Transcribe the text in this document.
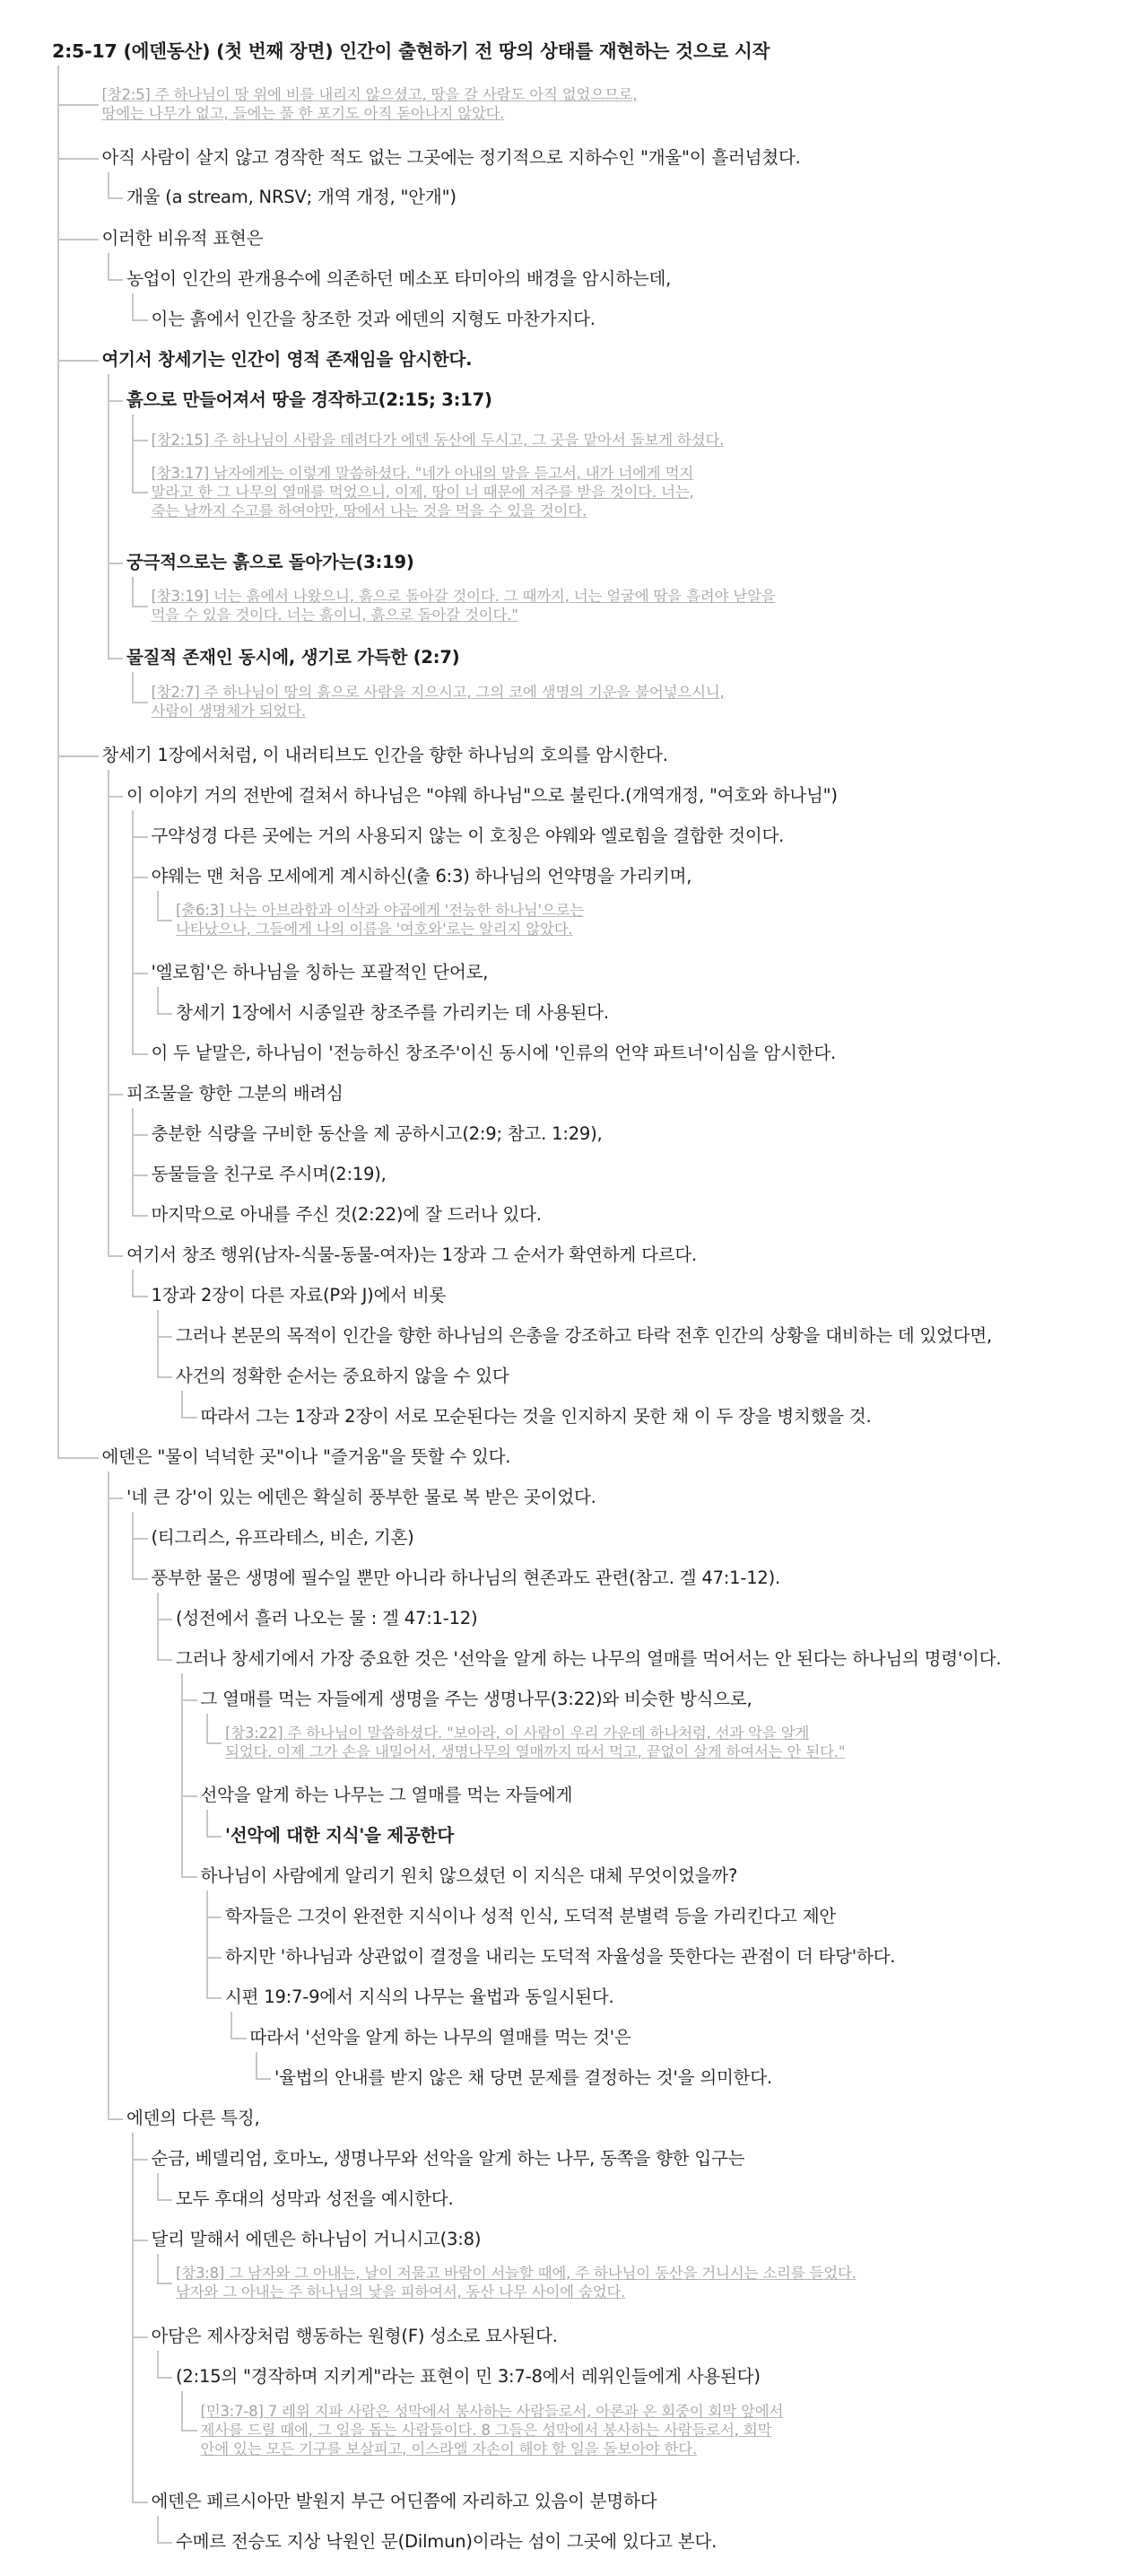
2:5-17 (에덴동산) (첫 번째 장면) 인간이 출현하기 전 땅의 상태를 재현하는 것으로 시작
[창2:5] 주 하나님이 땅 위에 비를 내리지 않으셨고, 땅을 갈 사람도 아직 없었으므로,
땅에는 나무가 없고, 들에는 풀 한 포기도 아직 돋아나지 않았다.
아직 사람이 살지 않고 경작한 적도 없는 그곳에는 정기적으로 지하수인 "개울"이 흘러넘쳤다.
개울 (a stream, NRSV; 개역 개정, "안개")
이러한 비유적 표현은
농업이 인간의 관개용수에 의존하던 메소포 타미아의 배경을 암시하는데,
이는 흙에서 인간을 창조한 것과 에덴의 지형도 마찬가지다.
여기서 창세기는 인간이 영적 존재임을 암시한다.
흙으로 만들어져서 땅을 경작하고(2:15; 3:17)
[창2:15] 주 하나님이 사람을 데려다가 에덴 동산에 두시고, 그 곳을 맡아서 돌보게 하셨다.
[창3:17] 남자에게는 이렇게 말씀하셨다. "네가 아내의 말을 듣고서, 내가 너에게 먹지
말라고 한 그 나무의 열매를 먹었으니, 이제, 땅이 너 때문에 저주를 받을 것이다. 너는,
죽는 날까지 수고를 하여야만, 땅에서 나는 것을 먹을 수 있을 것이다.
궁극적으로는 흙으로 돌아가는(3:19)
[창3:19] 너는 흙에서 나왔으니, 흙으로 돌아갈 것이다. 그 때까지, 너는 얼굴에 땀을 흘려야 낟알을
먹을 수 있을 것이다. 너는 흙이니, 흙으로 돌아갈 것이다."
물질적 존재인 동시에, 생기로 가득한 (2:7)
[창2:7] 주 하나님이 땅의 흙으로 사람을 지으시고, 그의 코에 생명의 기운을 불어넣으시니,
사람이 생명체가 되었다.
창세기 1장에서처럼, 이 내러티브도 인간을 향한 하나님의 호의를 암시한다.
이 이야기 거의 전반에 걸쳐서 하나님은 "야웨 하나님"으로 불린다.(개역개정, "여호와 하나님")
구약성경 다른 곳에는 거의 사용되지 않는 이 호칭은 야웨와 엘로힘을 결합한 것이다.
야웨는 맨 처음 모세에게 계시하신(출 6:3) 하나님의 언약명을 가리키며,
[출6:3] 나는 아브라함과 이삭과 야곱에게 '전능한 하나님'으로는
나타났으나, 그들에게 나의 이름을 '여호와'로는 알리지 않았다.
'엘로힘'은 하나님을 칭하는 포괄적인 단어로,
창세기 1장에서 시종일관 창조주를 가리키는 데 사용된다.
이 두 낱말은, 하나님이 '전능하신 창조주'이신 동시에 '인류의 언약 파트너'이심을 암시한다.
피조물을 향한 그분의 배려심
충분한 식량을 구비한 동산을 제 공하시고(2:9; 참고. 1:29),
동물들을 친구로 주시며(2:19),
마지막으로 아내를 주신 것(2:22)에 잘 드러나 있다.
여기서 창조 행위(남자-식물-동물-여자)는 1장과 그 순서가 확연하게 다르다.
1장과 2장이 다른 자료(P와 J)에서 비롯
그러나 본문의 목적이 인간을 향한 하나님의 은총을 강조하고 타락 전후 인간의 상황을 대비하는 데 있었다면,
사건의 정확한 순서는 중요하지 않을 수 있다
따라서 그는 1장과 2장이 서로 모순된다는 것을 인지하지 못한 채 이 두 장을 병치했을 것.
에덴은 "물이 넉넉한 곳"이나 "즐거움"을 뜻할 수 있다.
'네 큰 강'이 있는 에덴은 확실히 풍부한 물로 복 받은 곳이었다.
(티그리스, 유프라테스, 비손, 기혼)
풍부한 물은 생명에 필수일 뿐만 아니라 하나님의 현존과도 관련(참고. 겔 47:1-12).
(성전에서 흘러 나오는 물 : 겔 47:1-12)
그러나 창세기에서 가장 중요한 것은 '선악을 알게 하는 나무의 열매를 먹어서는 안 된다는 하나님의 명령'이다.
그 열매를 먹는 자들에게 생명을 주는 생명나무(3:22)와 비슷한 방식으로,
[창3:22] 주 하나님이 말씀하셨다. "보아라, 이 사람이 우리 가운데 하나처럼, 선과 악을 알게
되었다. 이제 그가 손을 내밀어서, 생명나무의 열매까지 따서 먹고, 끝없이 살게 하여서는 안 된다."
선악을 알게 하는 나무는 그 열매를 먹는 자들에게
'선악에 대한 지식'을 제공한다
하나님이 사람에게 알리기 원치 않으셨던 이 지식은 대체 무엇이었을까?
학자들은 그것이 완전한 지식이나 성적 인식, 도덕적 분별력 등을 가리킨다고 제안
하지만 '하나님과 상관없이 결정을 내리는 도덕적 자율성을 뜻한다는 관점이 더 타당'하다.
시편 19:7-9에서 지식의 나무는 율법과 동일시된다.
따라서 '선악을 알게 하는 나무의 열매를 먹는 것'은
'율법의 안내를 받지 않은 채 당면 문제를 결정하는 것'을 의미한다.
에덴의 다른 특징,
순금, 베델리엄, 호마노, 생명나무와 선악을 알게 하는 나무, 동쪽을 향한 입구는
모두 후대의 성막과 성전을 예시한다.
달리 말해서 에덴은 하나님이 거니시고(3:8)
[창3:8] 그 남자와 그 아내는, 날이 저물고 바람이 서늘할 때에, 주 하나님이 동산을 거니시는 소리를 들었다.
남자와 그 아내는 주 하나님의 낯을 피하여서, 동산 나무 사이에 숨었다.
아담은 제사장처럼 행동하는 원형(F) 성소로 묘사된다.
(2:15의 "경작하며 지키게"라는 표현이 민 3:7-8에서 레위인들에게 사용된다)
[민3:7-8] 7 레위 지파 사람은 성막에서 봉사하는 사람들로서, 아론과 온 회중이 회막 앞에서
제사를 드릴 때에, 그 일을 돕는 사람들이다. 8 그들은 성막에서 봉사하는 사람들로서, 회막
안에 있는 모든 기구를 보살피고, 이스라엘 자손이 해야 할 일을 돌보아야 한다.
에덴은 페르시아만 발원지 부근 어딘쯤에 자리하고 있음이 분명하다
수메르 전승도 지상 낙원인 문(Dilmun)이라는 섬이 그곳에 있다고 본다.
